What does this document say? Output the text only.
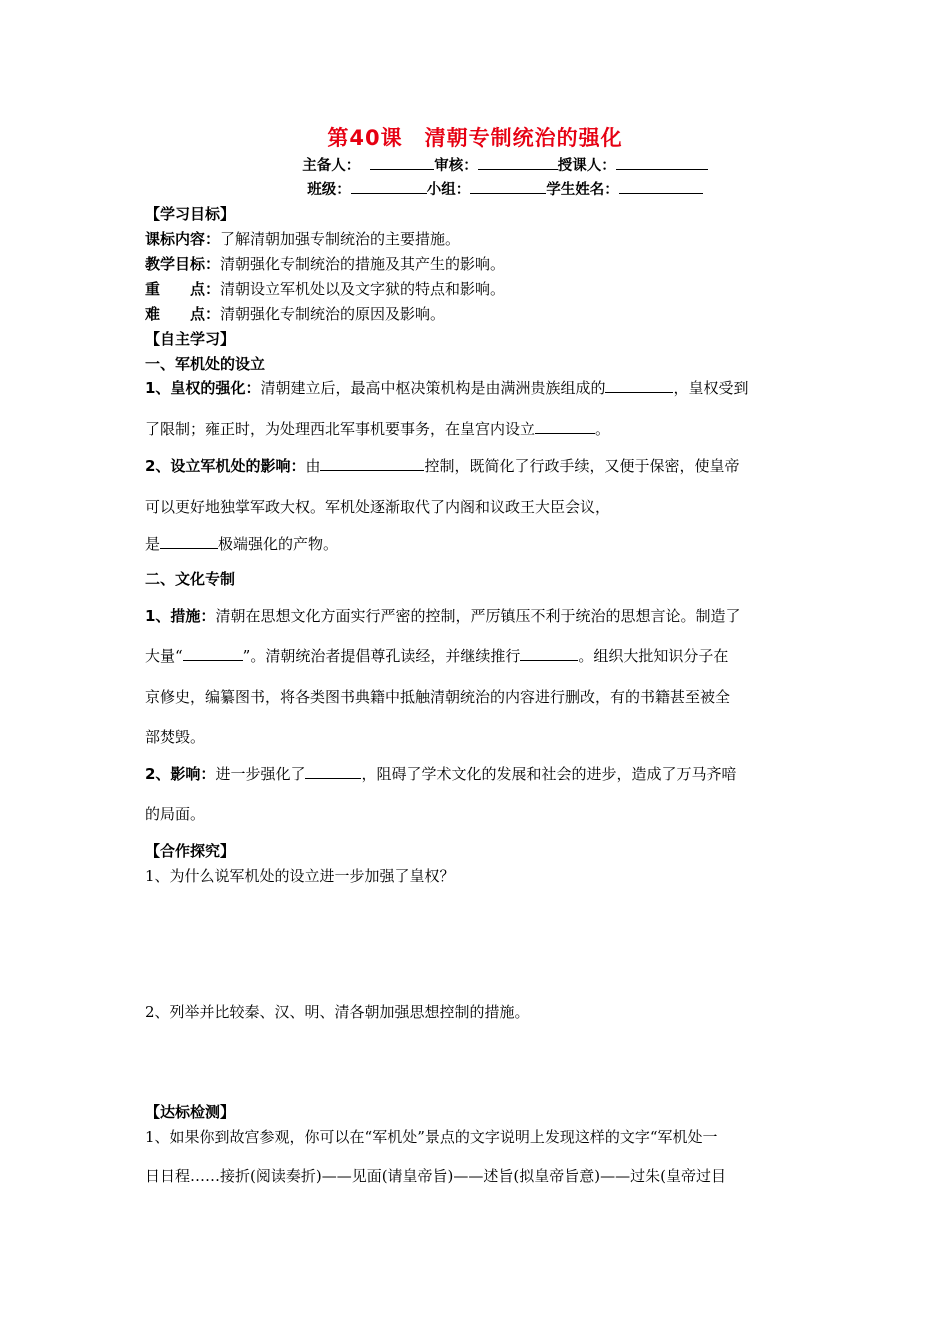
第40课 清朝专制统治的强化
主备人：	审核：	授课人：
班级：	小组：	学生姓名：
【学习目标】
课标内容：了解清朝加强专制统治的主要措施。
教学目标：清朝强化专制统治的措施及其产生的影响。
重　　点：清朝设立军机处以及文字狱的特点和影响。
难　　点：清朝强化专制统治的原因及影响。
【自主学习】
一、军机处的设立
1、皇权的强化：清朝建立后，最高中枢决策机构是由满洲贵族组成的	，皇权受到
了限制；雍正时，为处理西北军事机要事务，在皇宫内设立	。
2、设立军机处的影响：由	控制，既简化了行政手续，又便于保密，使皇帝
可以更好地独掌军政大权。军机处逐渐取代了内阁和议政王大臣会议，
是	极端强化的产物。
二、文化专制
1、措施：清朝在思想文化方面实行严密的控制，严厉镇压不利于统治的思想言论。制造了
大量“	”。清朝统治者提倡尊孔读经，并继续推行	。组织大批知识分子在
京修史，编纂图书，将各类图书典籍中抵触清朝统治的内容进行删改，有的书籍甚至被全
部焚毁。
2、影响：进一步强化了	，阻碍了学术文化的发展和社会的进步，造成了万马齐喑
的局面。
【合作探究】
1、为什么说军机处的设立进一步加强了皇权？
2、列举并比较秦、汉、明、清各朝加强思想控制的措施。
【达标检测】
1、如果你到故宫参观，你可以在“军机处”景点的文字说明上发现这样的文字“军机处一
日日程……接折(阅读奏折)——见面(请皇帝旨)——述旨(拟皇帝旨意)——过朱(皇帝过目
